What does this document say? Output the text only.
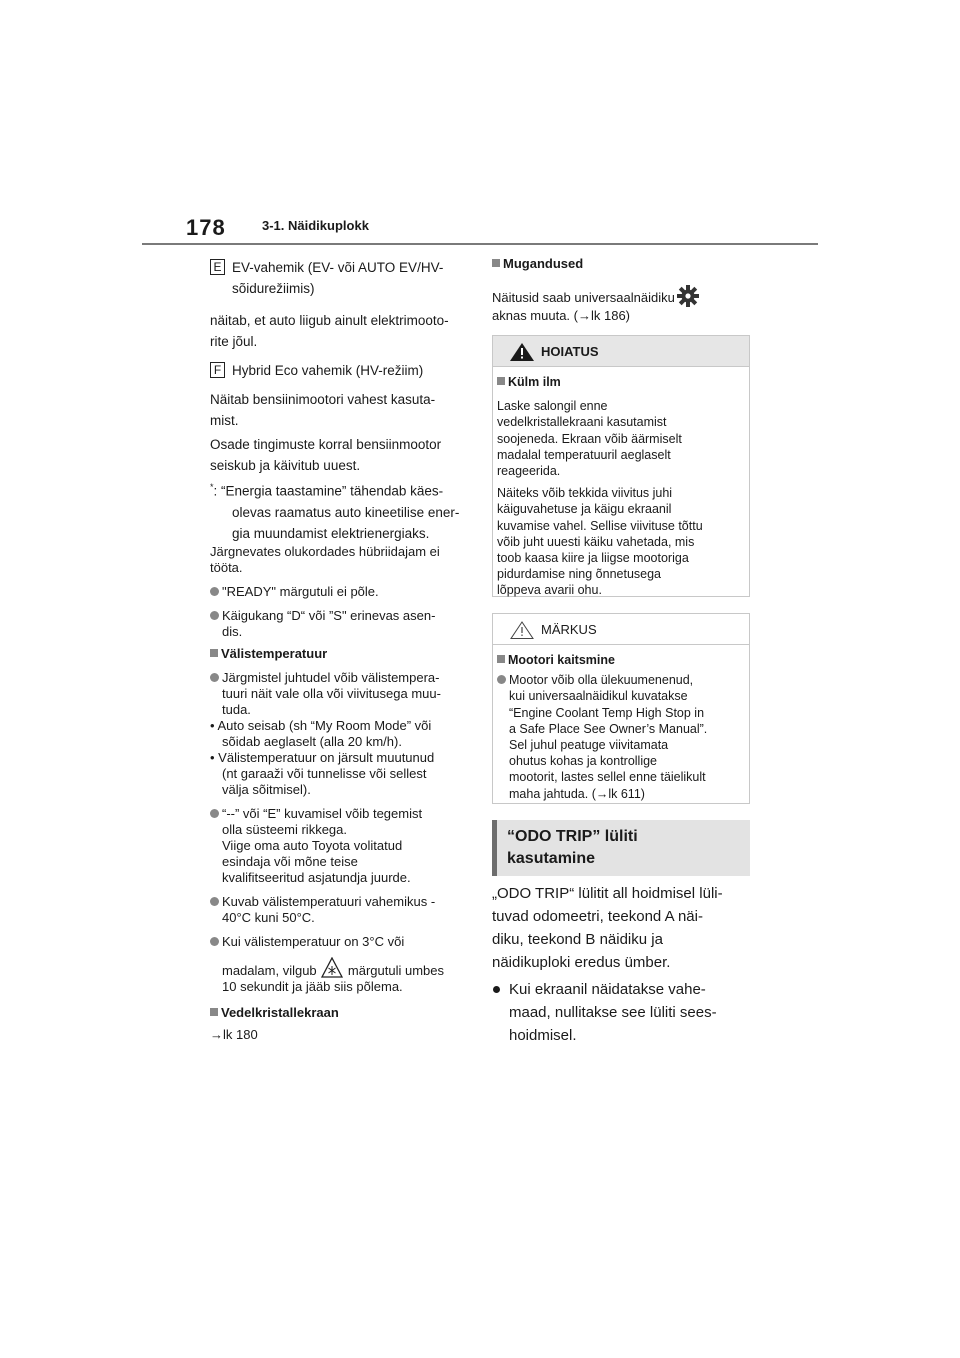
178	3-1. Näidikuplokk
E EV-vahemik (EV- või AUTO EV/HV-
sõidurežiimis)
näitab, et auto liigub ainult elektrimooto-
rite jõul.
F Hybrid Eco vahemik (HV-režiim)
Näitab bensiinimootori vahest kasuta-
mist.
Osade tingimuste korral bensiinmootor
seiskub ja käivitub uuest.
*: “Energia taastamine” tähendab käes-
olevas raamatus auto kineetilise ener-
gia muundamist elektrienergiaks.
Järgnevates olukordades hübriidajam ei
tööta.
"READY" märgutuli ei põle.
Käigukang “D“ või ”S" erinevas asen-
dis.
Välistemperatuur
Järgmistel juhtudel võib välistempera-
tuuri näit vale olla või viivitusega muu-
tuda.
• Auto seisab (sh “My Room Mode” või
sõidab aeglaselt (alla 20 km/h).
• Välistemperatuur on järsult muutunud
(nt garaaži või tunnelisse või sellest
välja sõitmisel).
“--” või “E” kuvamisel võib tegemist
olla süsteemi rikkega.
Viige oma auto Toyota volitatud
esindaja või mõne teise
kvalifitseeritud asjatundja juurde.
Kuvab välistemperatuuri vahemikus -
40°C kuni 50°C.
Kui välistemperatuur on 3°C või
madalam, vilgub märgutuli umbes
10 sekundit ja jääb siis põlema.
Vedelkristallekraan
→lk 180
Mugandused
Näitusid saab universaalnäidiku
aknas muuta. (→lk 186)
HOIATUS
Külm ilm
Laske salongil enne
vedelkristallekraani kasutamist
soojeneda. Ekraan võib äärmiselt
madalal temperatuuril aeglaselt
reageerida.
Näiteks võib tekkida viivitus juhi
käiguvahetuse ja käigu ekraanil
kuvamise vahel. Sellise viivituse tõttu
võib juht uuesti käiku vahetada, mis
toob kaasa kiire ja liigse mootoriga
pidurdamise ning õnnetusega
lõppeva avarii ohu.
MÄRKUS
Mootori kaitsmine
Mootor võib olla ülekuumenenud,
kui universaalnäidikul kuvatakse
“Engine Coolant Temp High Stop in
a Safe Place See Owner’s Manual”.
Sel juhul peatuge viivitamata
ohutus kohas ja kontrollige
mootorit, lastes sellel enne täielikult
maha jahtuda. (→lk 611)
“ODO TRIP” lüliti
kasutamine
„ODO TRIP“ lülitit all hoidmisel lüli-
tuvad odomeetri, teekond A näi-
diku, teekond B näidiku ja
näidikuploki eredus ümber.
Kui ekraanil näidatakse vahe-
maad, nullitakse see lüliti sees-
hoidmisel.
